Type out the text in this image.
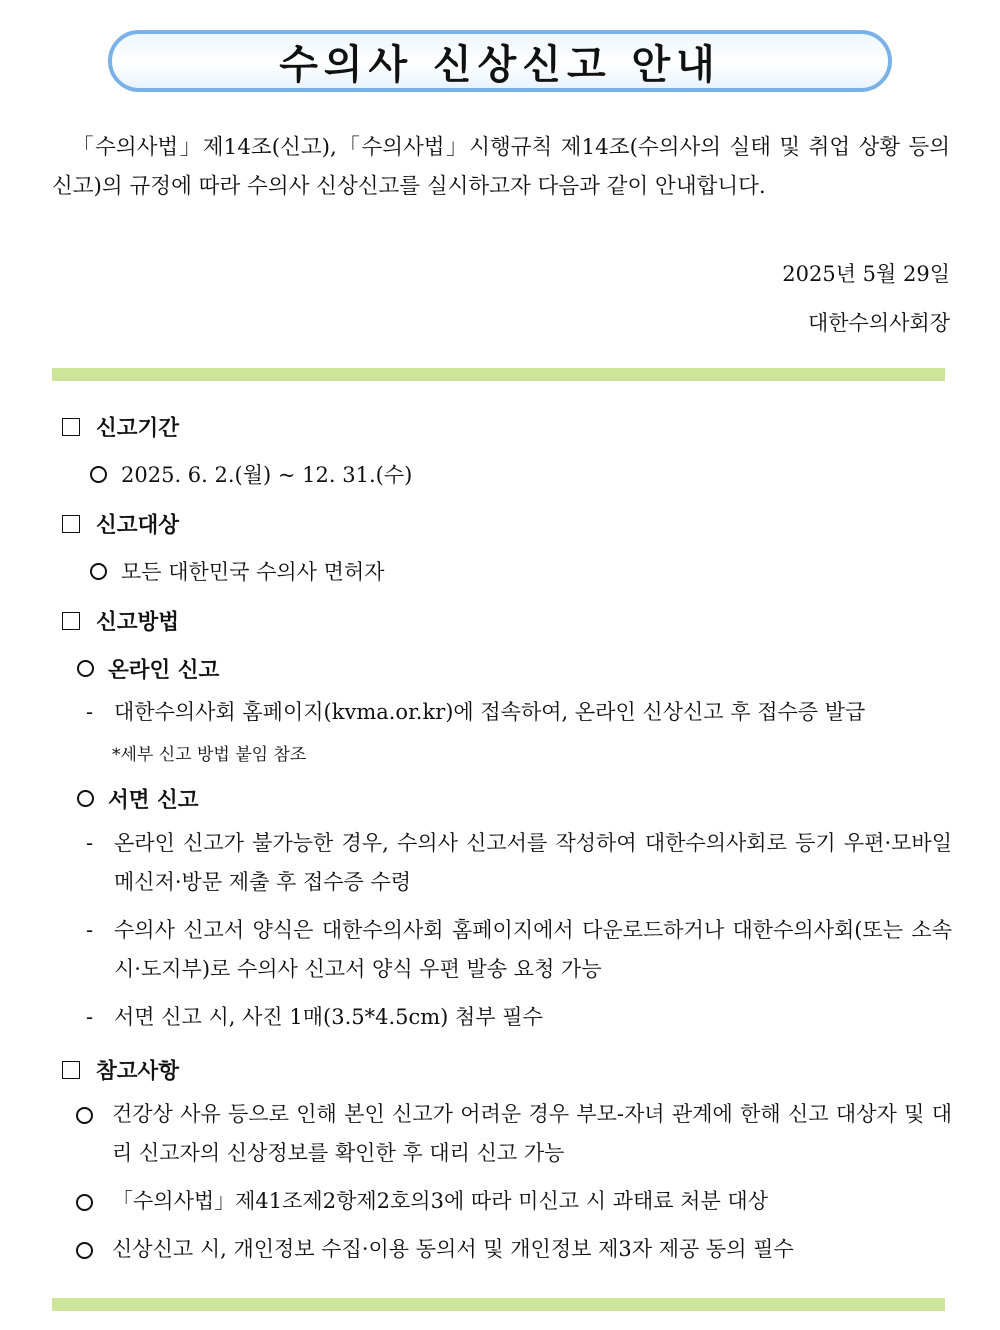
수의사 신상신고 안내
「수의사법」제14조(신고),「수의사법」시행규칙 제14조(수의사의 실태 및 취업 상황 등의 신고)의 규정에 따라 수의사 신상신고를 실시하고자 다음과 같이 안내합니다.
2025년 5월 29일
대한수의사회장
신고기간
2025. 6. 2.(월) ~ 12. 31.(수)
신고대상
모든 대한민국 수의사 면허자
신고방법
온라인 신고
- 대한수의사회 홈페이지(kvma.or.kr)에 접속하여, 온라인 신상신고 후 접수증 발급
*세부 신고 방법 붙임 참조
서면 신고
- 온라인 신고가 불가능한 경우, 수의사 신고서를 작성하여 대한수의사회로 등기 우편·모바일메신저·방문 제출 후 접수증 수령
- 수의사 신고서 양식은 대한수의사회 홈페이지에서 다운로드하거나 대한수의사회(또는 소속 시·도지부)로 수의사 신고서 양식 우편 발송 요청 가능
- 서면 신고 시, 사진 1매(3.5*4.5cm) 첨부 필수
참고사항
건강상 사유 등으로 인해 본인 신고가 어려운 경우 부모-자녀 관계에 한해 신고 대상자 및 대리 신고자의 신상정보를 확인한 후 대리 신고 가능
「수의사법」제41조제2항제2호의3에 따라 미신고 시 과태료 처분 대상
신상신고 시, 개인정보 수집·이용 동의서 및 개인정보 제3자 제공 동의 필수
